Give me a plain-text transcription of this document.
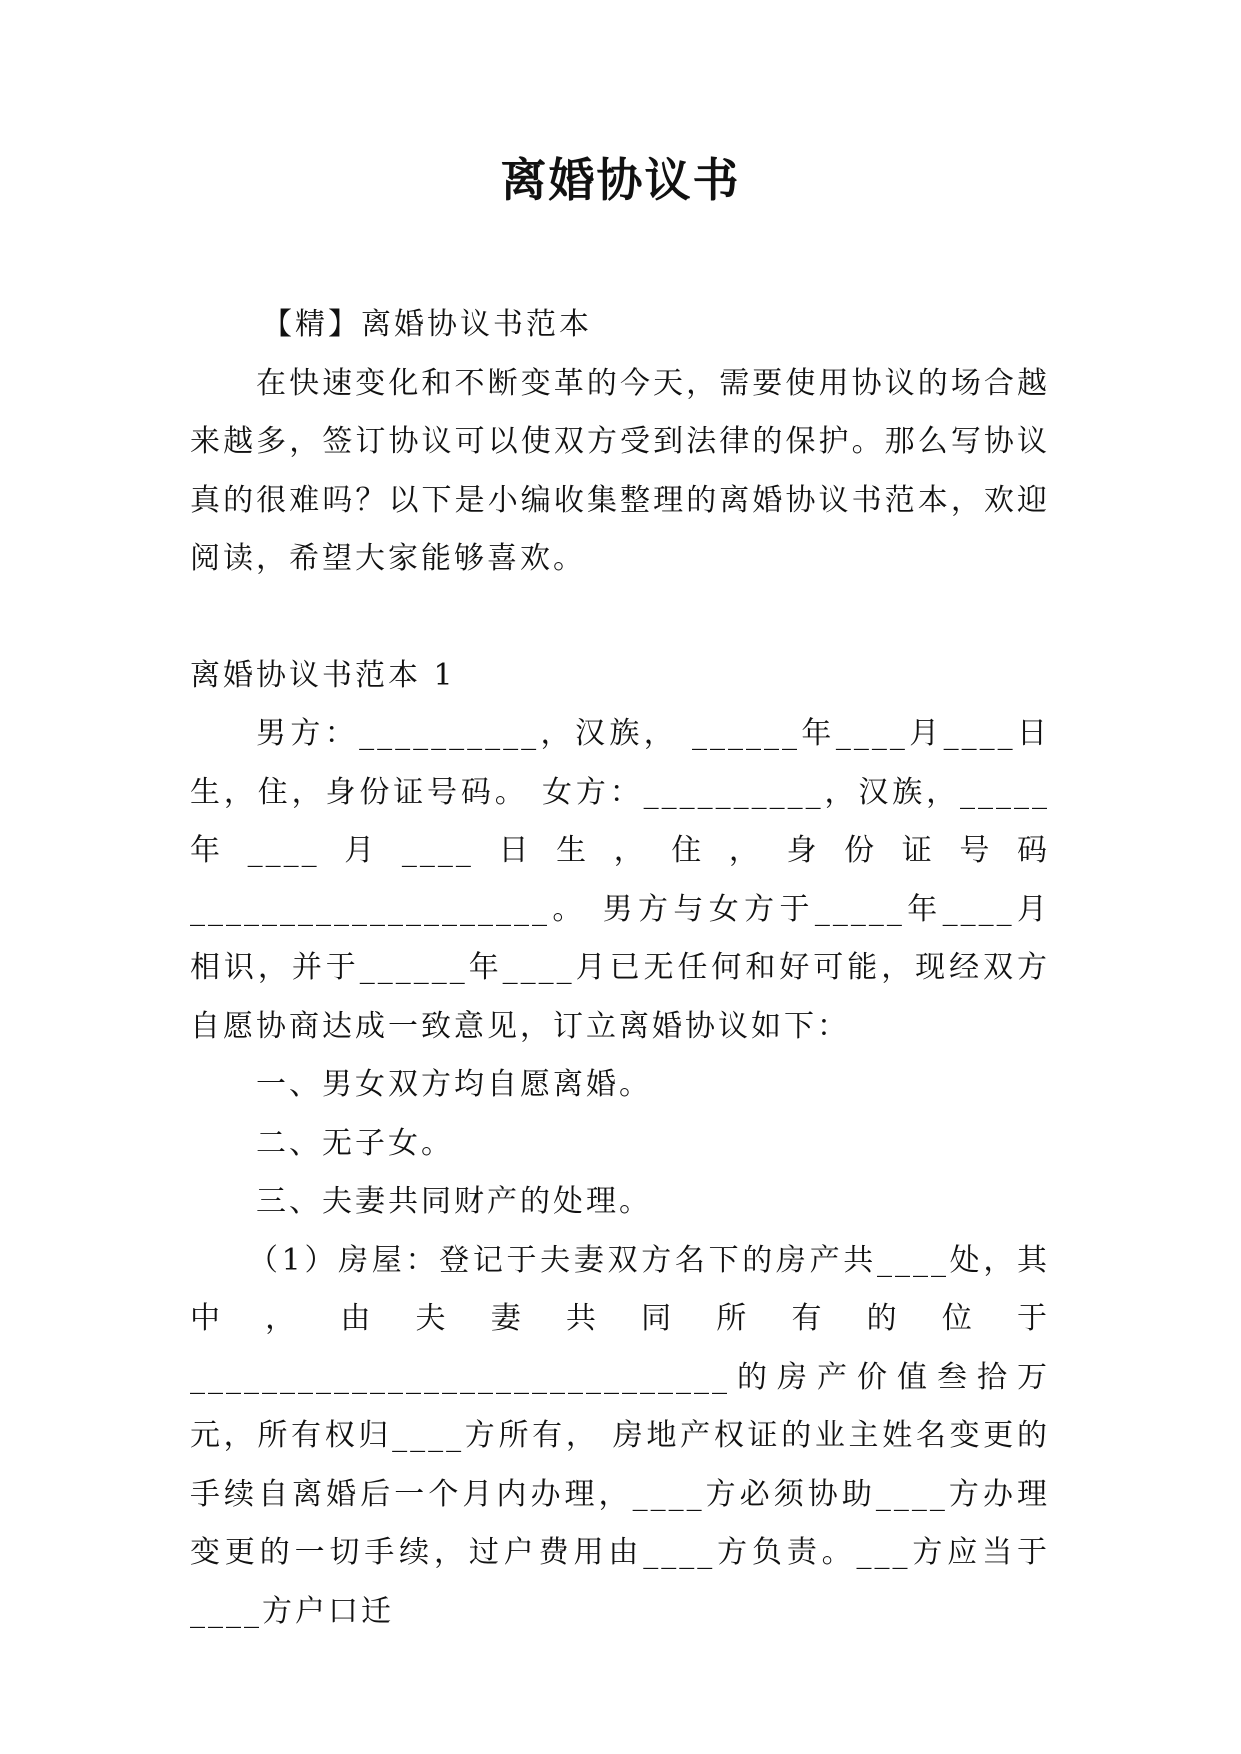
离婚协议书

【精】离婚协议书范本

在快速变化和不断变革的今天，需要使用协议的场合越来越多，签订协议可以使双方受到法律的保护。那么写协议真的很难吗？以下是小编收集整理的离婚协议书范本，欢迎阅读，希望大家能够喜欢。

离婚协议书范本 1

男方：__________，汉族， ______年____月____日生，住，身份证号码。 女方：__________，汉族，_____年____月____日生，住，身份证号码____________________。 男方与女方于_____年____月相识，并于______年____月已无任何和好可能，现经双方自愿协商达成一致意见，订立离婚协议如下：

一、男女双方均自愿离婚。

二、无子女。

三、夫妻共同财产的处理。

（1）房屋：登记于夫妻双方名下的房产共____处，其中，由夫妻共同所有的位于______________________________的房产价值叁拾万元，所有权归____方所有， 房地产权证的业主姓名变更的手续自离婚后一个月内办理，____方必须协助____方办理变更的一切手续，过户费用由____方负责。___方应当于____方户口迁
